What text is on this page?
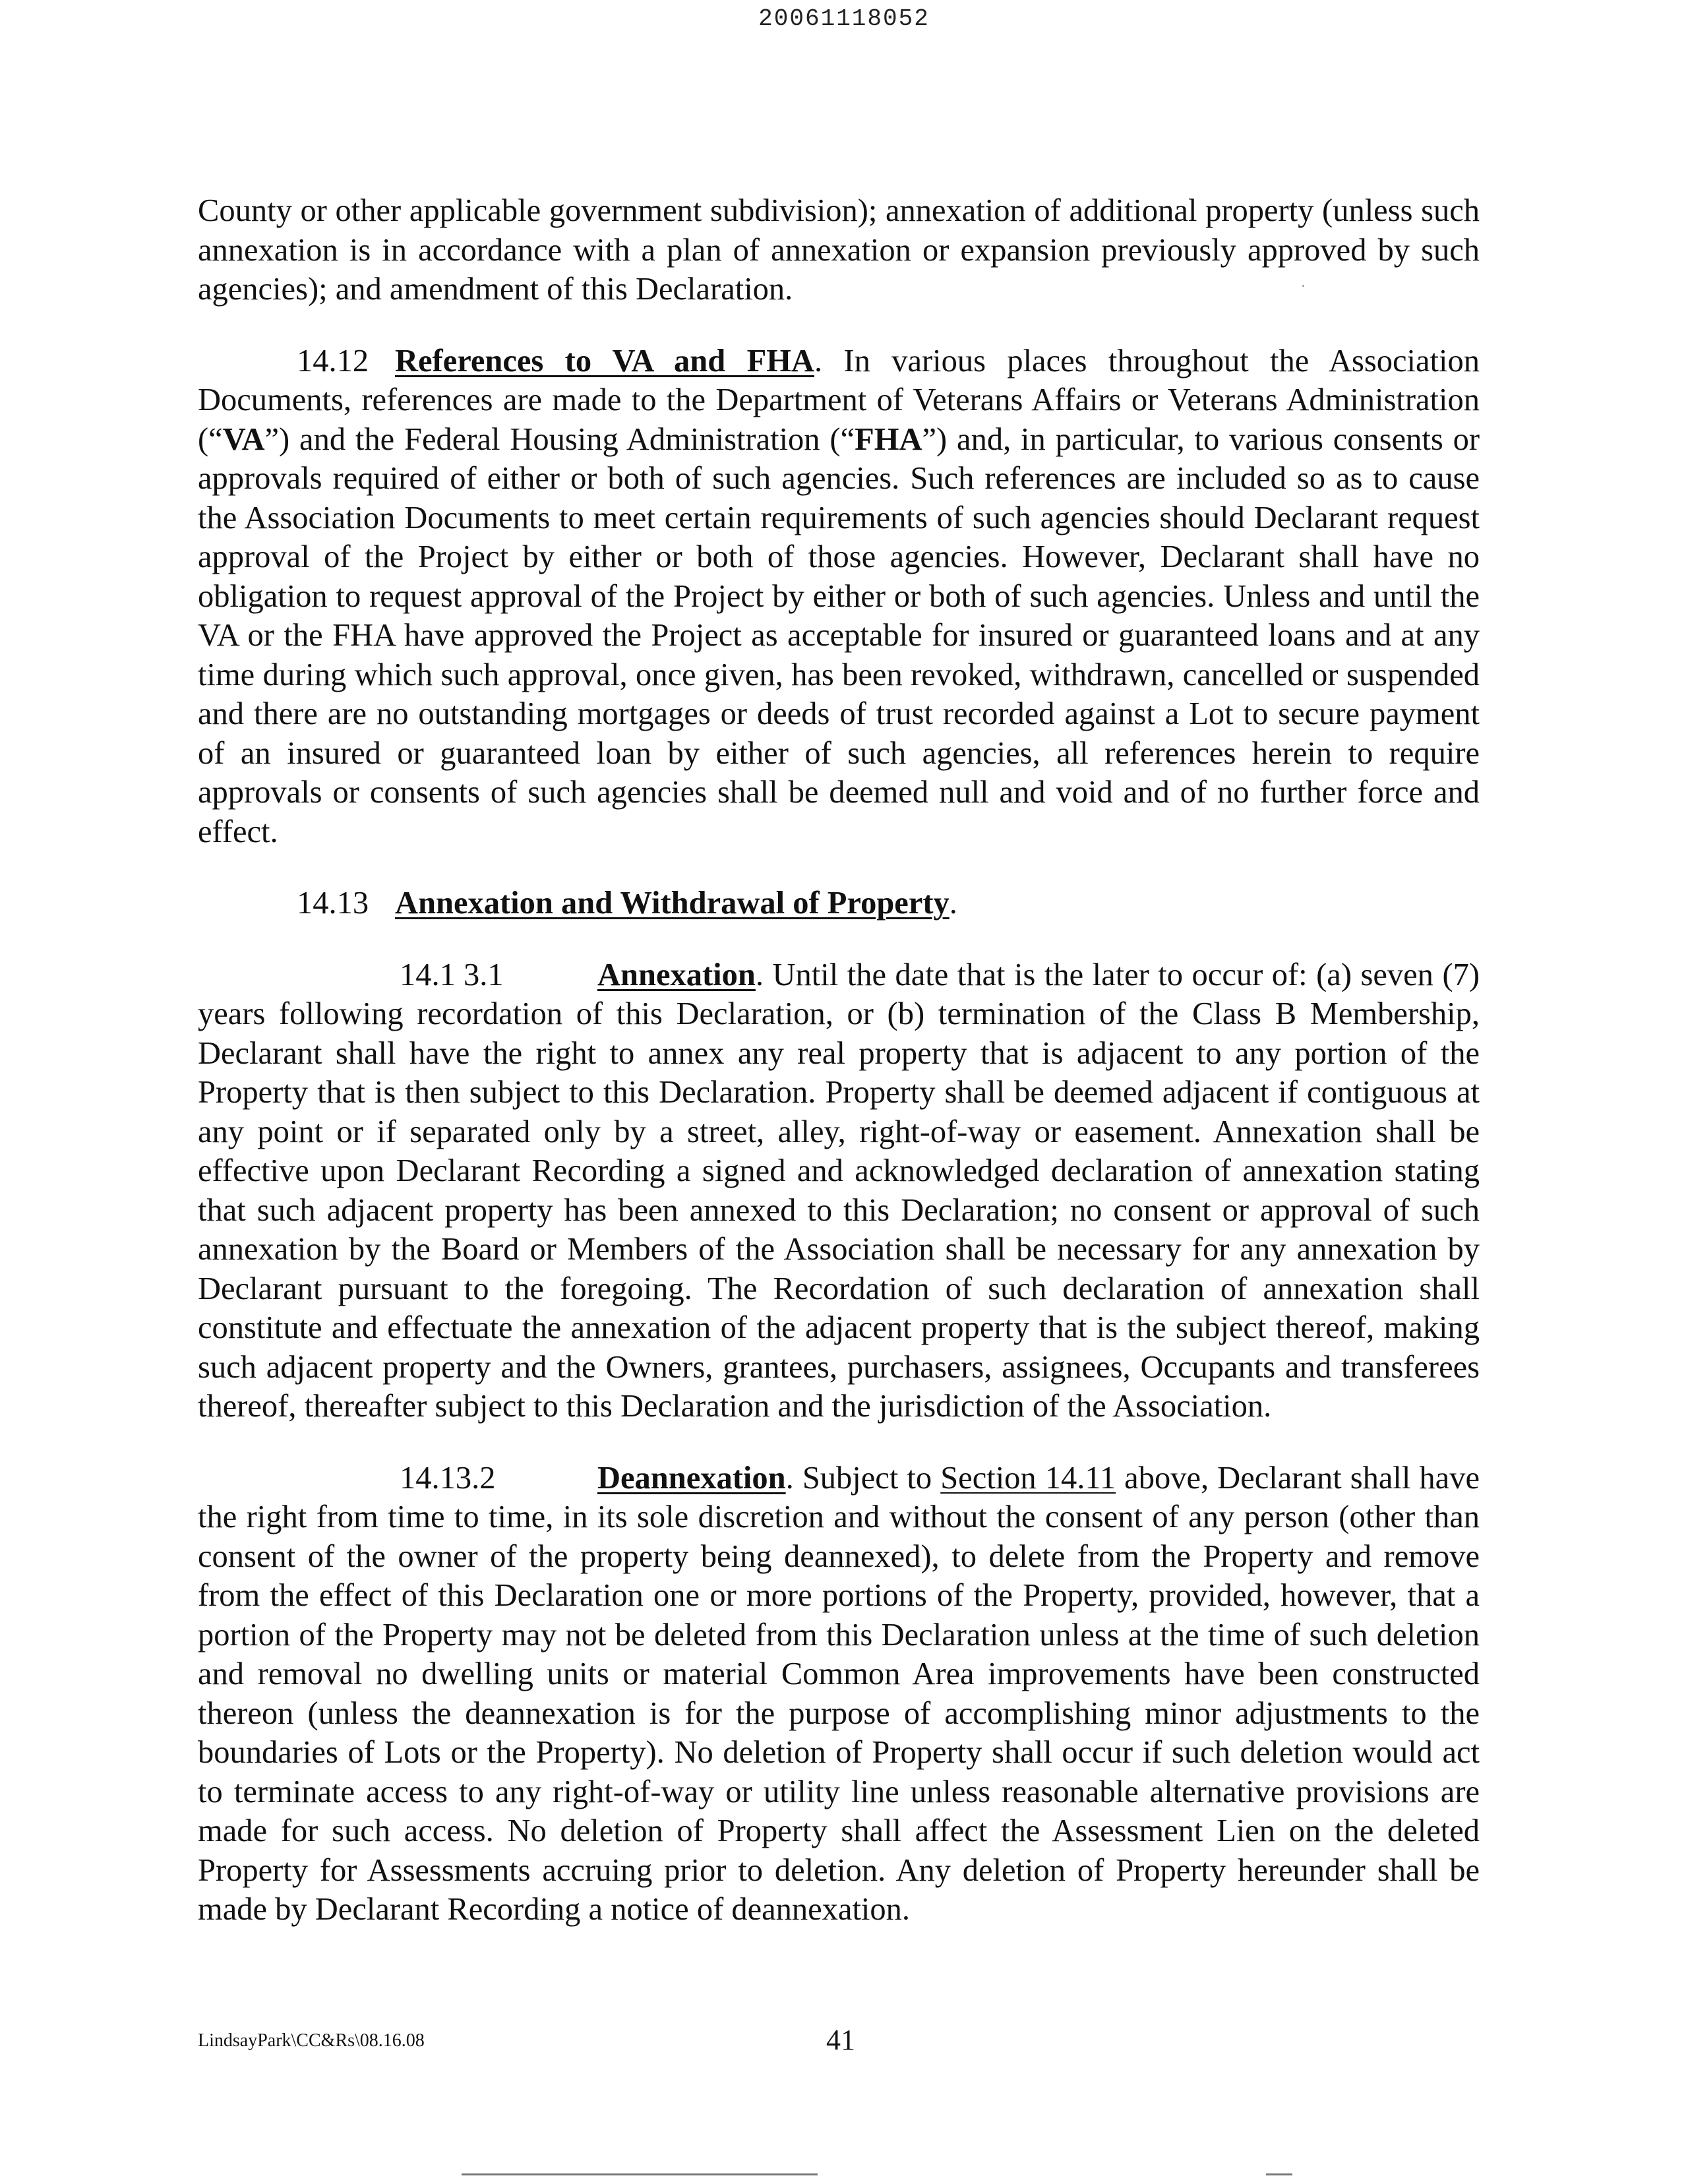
20061118052

County or other applicable government subdivision); annexation of additional property (unless such annexation is in accordance with a plan of annexation or expansion previously approved by such agencies); and amendment of this Declaration.

14.12 References to VA and FHA. In various places throughout the Association Documents, references are made to the Department of Veterans Affairs or Veterans Administration (“VA”) and the Federal Housing Administration (“FHA”) and, in particular, to various consents or approvals required of either or both of such agencies. Such references are included so as to cause the Association Documents to meet certain requirements of such agencies should Declarant request approval of the Project by either or both of those agencies. However, Declarant shall have no obligation to request approval of the Project by either or both of such agencies. Unless and until the VA or the FHA have approved the Project as acceptable for insured or guaranteed loans and at any time during which such approval, once given, has been revoked, withdrawn, cancelled or suspended and there are no outstanding mortgages or deeds of trust recorded against a Lot to secure payment of an insured or guaranteed loan by either of such agencies, all references herein to require approvals or consents of such agencies shall be deemed null and void and of no further force and effect.

14.13 Annexation and Withdrawal of Property.

14.1 3.1	Annexation. Until the date that is the later to occur of: (a) seven (7) years following recordation of this Declaration, or (b) termination of the Class B Membership, Declarant shall have the right to annex any real property that is adjacent to any portion of the Property that is then subject to this Declaration. Property shall be deemed adjacent if contiguous at any point or if separated only by a street, alley, right-of-way or easement. Annexation shall be effective upon Declarant Recording a signed and acknowledged declaration of annexation stating that such adjacent property has been annexed to this Declaration; no consent or approval of such annexation by the Board or Members of the Association shall be necessary for any annexation by Declarant pursuant to the foregoing. The Recordation of such declaration of annexation shall constitute and effectuate the annexation of the adjacent property that is the subject thereof, making such adjacent property and the Owners, grantees, purchasers, assignees, Occupants and transferees thereof, thereafter subject to this Declaration and the jurisdiction of the Association.

14.13.2	Deannexation. Subject to Section 14.11 above, Declarant shall have the right from time to time, in its sole discretion and without the consent of any person (other than consent of the owner of the property being deannexed), to delete from the Property and remove from the effect of this Declaration one or more portions of the Property, provided, however, that a portion of the Property may not be deleted from this Declaration unless at the time of such deletion and removal no dwelling units or material Common Area improvements have been constructed thereon (unless the deannexation is for the purpose of accomplishing minor adjustments to the boundaries of Lots or the Property). No deletion of Property shall occur if such deletion would act to terminate access to any right-of-way or utility line unless reasonable alternative provisions are made for such access. No deletion of Property shall affect the Assessment Lien on the deleted Property for Assessments accruing prior to deletion. Any deletion of Property hereunder shall be made by Declarant Recording a notice of deannexation.

LindsayPark\CC&Rs\08.16.08	41
